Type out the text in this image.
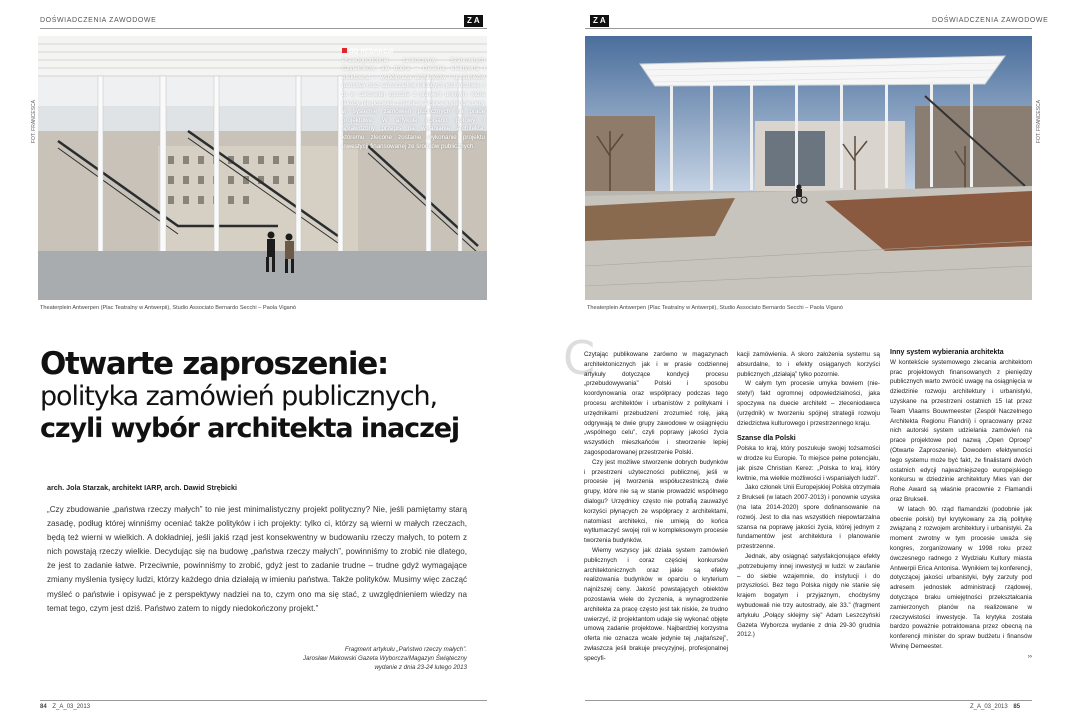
DOŚWIADCZENIA ZAWODOWE	Z A
FOT. FRANCESCA
OD REDAKCJI
Prawdopodobnie zaskoczymy Szanownych Czytelników, ale dobra – rzetelna, efektywna i efektowna – współpraca architektów i urzędników państwa oraz samorządów lokalnych jest możliwa. I to w całkowitej zgodzie z prawem unijnym, które jakoby nie pozwala zmienić w Polsce kryteriów ceny w systemie zamówień publicznych na prace projektowe. W artykule opisano gotowy i sprawdzony przepis na wyłanianie architekta, któremu zlecone zostanie wykonanie projektu inwestycji finansowanej ze środków publicznych.
Theaterplein Antwerpen (Plac Teatralny w Antwerpii), Studio Associato Bernardo Secchi – Paola Viganò
Otwarte zaproszenie:
polityka zamówień publicznych,
czyli wybór architekta inaczej
arch. Jola Starzak, architekt IARP, arch. Dawid Strębicki
„Czy zbudowanie „państwa rzeczy małych” to nie jest minimalistyczny projekt polityczny? Nie, jeśli pamiętamy starą zasadę, podług której winniśmy oceniać także polityków i ich projekty: tylko ci, którzy są wierni w małych rzeczach, będą też wierni w wielkich. A dokładniej, jeśli jakiś rząd jest konsekwentny w budowaniu rzeczy małych, to potem z nich powstają rzeczy wielkie. Decydując się na budowę „państwa rzeczy małych”, powinniśmy to zrobić nie dlatego, że jest to zadanie łatwe. Przeciwnie, powinniśmy to zrobić, gdyż jest to zadanie trudne – trudne gdyż wymagające zmiany myślenia tysięcy ludzi, którzy każdego dnia działają w imieniu państwa. Także polityków. Musimy więc zacząć myśleć o państwie i opisywać je z perspektywy nadziei na to, czym ono ma się stać, z uwzględnieniem wiedzy na temat tego, czym jest dziś. Państwo zatem to nigdy niedokończony projekt.”
Fragment artykułu „Państwo rzeczy małych”.
Jarosław Makowski Gazeta Wyborcza/Magazyn Świąteczny
wydanie z dnia 23-24 lutego 2013
84 Z_A_03_2013
Z A	DOŚWIADCZENIA ZAWODOWE
FOT. FRANCESCA
Theaterplein Antwerpen (Plac Teatralny w Antwerpii), Studio Associato Bernardo Secchi – Paola Viganò
C

Czytając publikowane zarówno w magazynach architektonicznych jak i w prasie codziennej artykuły dotyczące kondycji procesu „przebudowywania” Polski i sposobu koordynowania oraz współpracy podczas tego procesu architektów i urbanistów z politykami i urzędnikami przebudzeni zrozumieć rolę, jaką odgrywają te dwie grupy zawodowe w osiągnięciu „wspólnego celu”, czyli poprawy jakości życia wszystkich mieszkańców i stworzenie lepiej zagospodarowanej przestrzenie Polski.

Czy jest możliwe stworzenie dobrych budynków i przestrzeni użyteczności publicznej, jeśli w procesie jej tworzenia współuczestniczą dwie grupy, które nie są w stanie prowadzić wspólnego dialogu? Urzędnicy często nie potrafią zauważyć korzyści płynących ze współpracy z architektami, natomiast architekci, nie umieją do końca wytłumaczyć swojej roli w kompleksowym procesie tworzenia budynków.

Wiemy wszyscy jak działa system zamówień publicznych i coraz częściej konkursów architektonicznych oraz jakie są efekty realizowania budynków w oparciu o kryterium najniższej ceny. Jakość powstających obiektów pozostawia wiele do życzenia, a wynagrodzenie architekta za pracę często jest tak niskie, że trudno uwierzyć, iż projektantom udaje się wykonać objęte umową zadanie projektowe. Najbardziej korzystna oferta nie oznacza wcale jedynie tej „najtańszej”, zwłaszcza jeśli brakuje precyzyjnej, profesjonalnej specyfi-

kacji zamówienia. A skoro założenia systemu są absurdalne, to i efekty osiąganych korzyści publicznych „działają” tylko pozornie.

W całym tym procesie umyka bowiem (nie-stety!) fakt ogromnej odpowiedzialności, jaka spoczywa na duecie architekt – zleceniodawca (urzędnik) w tworzeniu spójnej strategii rozwoju dziedzictwa kulturowego i przestrzennego kraju.

Szanse dla Polski

Polska to kraj, który poszukuje swojej tożsamości w drodze ku Europie. To miejsce pełne potencjału, jak pisze Christian Kerez: „Polska to kraj, który kwitnie, ma wielkie możliwości i wspaniałych ludzi”.

Jako członek Unii Europejskiej Polska otrzymała z Brukseli (w latach 2007-2013) i ponownie uzyska (na lata 2014-2020) spore dofinansowanie na rozwój. Jest to dla nas wszystkich niepowtarzalna szansa na poprawę jakości życia, której jednym z fundamentów jest architektura i planowanie przestrzenne.

Jednak, aby osiągnąć satysfakcjonujące efekty „potrzebujemy innej inwestycji w ludzi: w zaufanie – do siebie wzajemnie, do instytucji i do przyszłości. Bez tego Polska nigdy nie stanie się krajem bogatym i przyjaznym, choćbyśmy wybudowali nie trzy autostrady, ale 33.” (fragment artykułu „Połący sklejmy się” Adam Leszczyński Gazeta Wyborcza wydanie z dnia 29-30 grudnia 2012.)

Inny system wybierania architekta

W kontekście systemowego zlecania architektom prac projektowych finansowanych z pieniędzy publicznych warto zwrócić uwagę na osiągnięcia w dziedzinie rozwoju architektury i urbanistyki, uzyskane na przestrzeni ostatnich 15 lat przez Team Vlaams Bouwmeester (Zespół Naczelnego Architekta Regionu Flandrii) i opracowany przez nich autorski system udzielania zamówień na prace projektowe pod nazwą „Open Oproep” (Otwarte Zaproszenie). Dowodem efektywności tego systemu może być fakt, że finalistami dwóch ostatnich edycji najważniejszego europejskiego konkursu w dziedzinie architektury Mies van der Rohe Award są właśnie pracownie z Flamandii oraz Brukseli.

W latach 90. rząd flamandzki (podobnie jak obecnie polski) był krytykowany za złą politykę związaną z rozwojem architektury i urbanistyki. Za moment zwrotny w tym procesie uważa się kongres, zorganizowany w 1998 roku przez ówczesnego radnego z Wydziału Kultury miasta Antwerpii Erica Antonisa. Wynikiem tej konferencji, dotyczącej jakości urbanistyki, były zarzuty pod adresem jednostek administracji rządowej, dotyczące braku umiejętności przekształcania zamierzonych planów na realizowane w rzeczywistości inwestycje. Ta krytyka została bardzo poważnie potraktowana przez obecną na konferencji minister do spraw budżetu i finansów Wivinę Demeester.

››
Z_A_03_2013 85
